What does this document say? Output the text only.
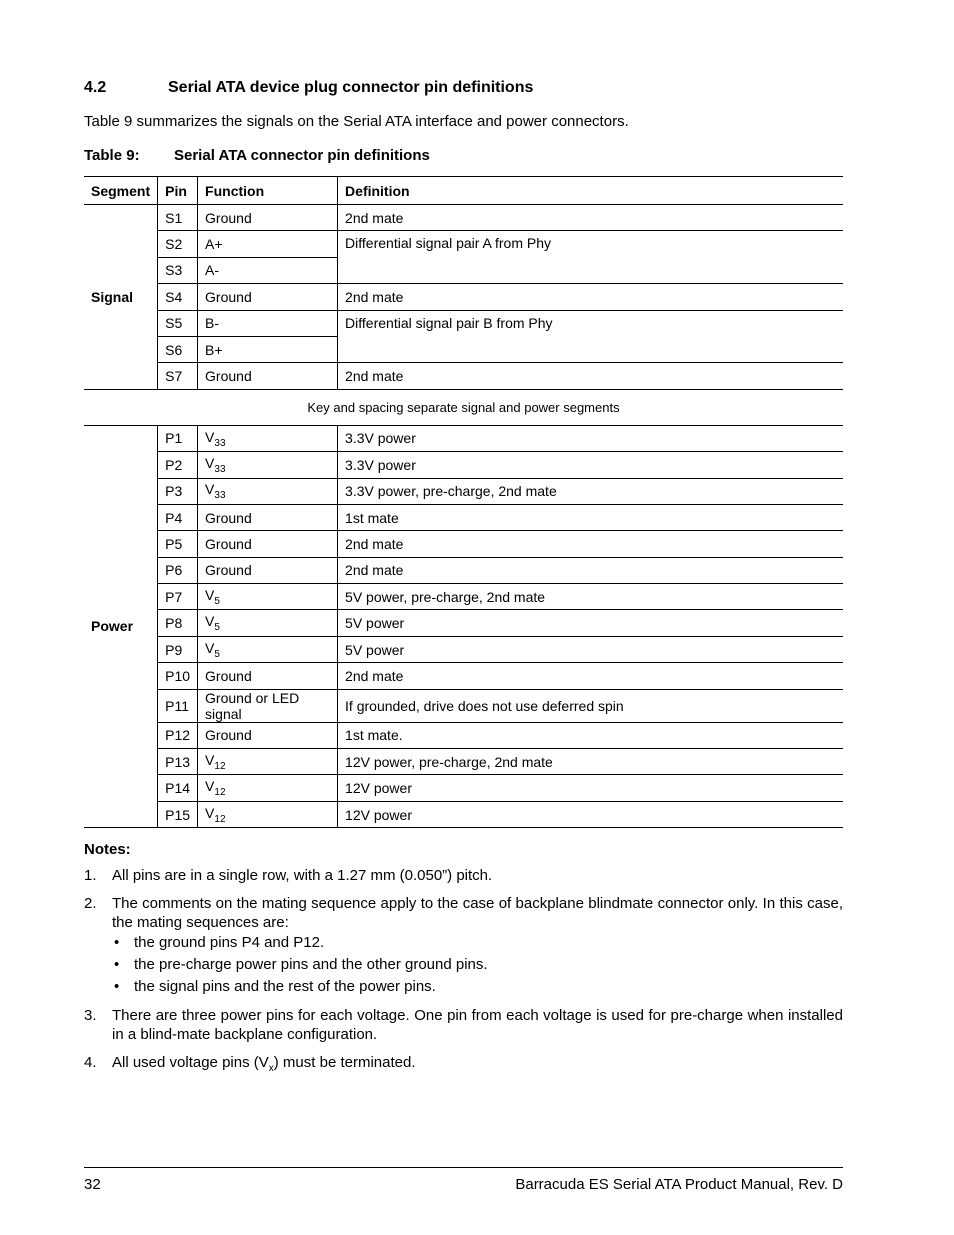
4.2	Serial ATA device plug connector pin definitions
Table 9 summarizes the signals on the Serial ATA interface and power connectors.
Table 9: Serial ATA connector pin definitions
Segment	Pin	Function	Definition
Signal	S1	Ground	2nd mate
	S2	A+	Differential signal pair A from Phy
	S3	A-	
	S4	Ground	2nd mate
	S5	B-	Differential signal pair B from Phy
	S6	B+	
	S7	Ground	2nd mate
Key and spacing separate signal and power segments			
Power	P1	$V_{33}$	3.3V power
	P2	$V_{33}$	3.3V power
	P3	$V_{33}$	3.3V power, pre-charge, 2nd mate
	P4	Ground	1st mate
	P5	Ground	2nd mate
	P6	Ground	2nd mate
	P7	$V_5$	5V power, pre-charge, 2nd mate
	P8	$V_5$	5V power
	P9	$V_5$	5V power
	P10	Ground	2nd mate
	P11	Ground or LED signal	If grounded, drive does not use deferred spin
	P12	Ground	1st mate.
	P13	$V_{12}$	12V power, pre-charge, 2nd mate
	P14	$V_{12}$	12V power
	P15	$V_{12}$	12V power
Notes:
1. All pins are in a single row, with a 1.27 mm (0.050”) pitch.
2. The comments on the mating sequence apply to the case of backplane blindmate connector only. In this case, the mating sequences are:
• the ground pins P4 and P12.
• the pre-charge power pins and the other ground pins.
• the signal pins and the rest of the power pins.
3. There are three power pins for each voltage. One pin from each voltage is used for pre-charge when installed in a blind-mate backplane configuration.
4. All used voltage pins $(V_x)$ must be terminated.
32	Barracuda ES Serial ATA Product Manual, Rev. D
